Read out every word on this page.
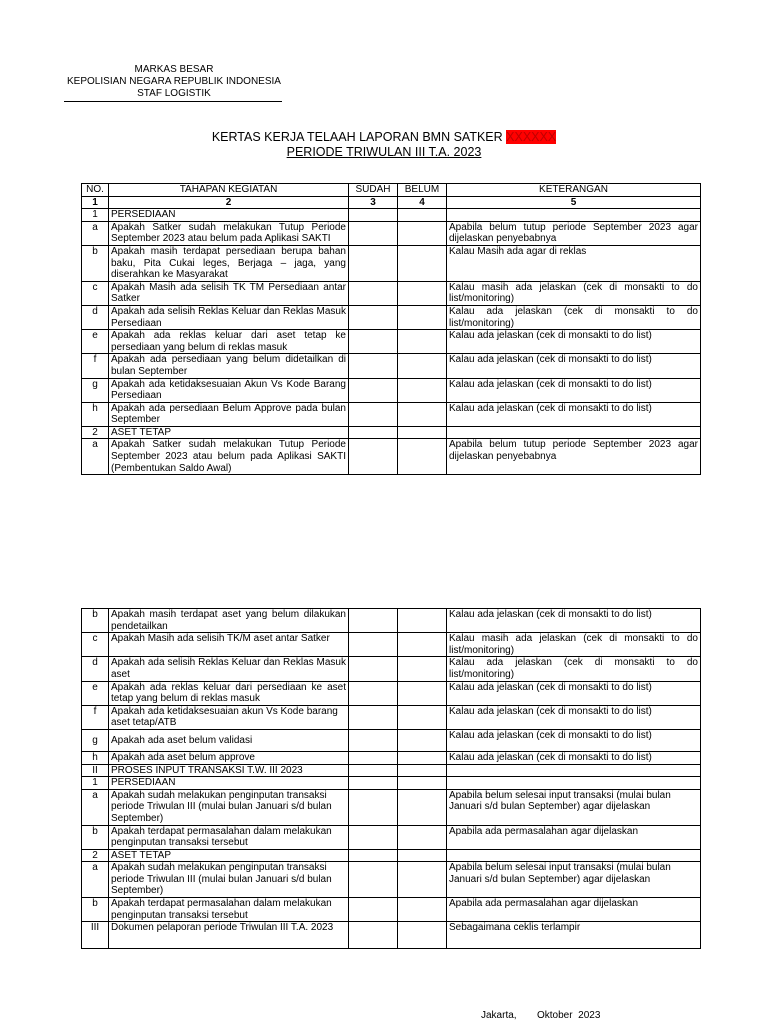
MARKAS BESAR
KEPOLISIAN NEGARA REPUBLIK INDONESIA
STAF LOGISTIK
KERTAS KERJA TELAAH LAPORAN BMN SATKER XXXXXX
PERIODE TRIWULAN III T.A. 2023
NO.	TAHAPAN KEGIATAN	SUDAH	BELUM	KETERANGAN
1	2	3	4	5
1	PERSEDIAAN			
a	Apakah Satker sudah melakukan Tutup Periode September 2023 atau belum pada Aplikasi SAKTI			Apabila belum tutup periode September 2023 agar dijelaskan penyebabnya
b	Apakah masih terdapat persediaan berupa bahan baku, Pita Cukai leges, Berjaga – jaga, yang diserahkan ke Masyarakat			Kalau Masih ada agar di reklas
c	Apakah Masih ada selisih TK TM Persediaan antar Satker			Kalau masih ada jelaskan (cek di monsakti to do list/monitoring)
d	Apakah ada selisih Reklas Keluar dan Reklas Masuk Persediaan			Kalau ada jelaskan (cek di monsakti to do list/monitoring)
e	Apakah ada reklas keluar dari aset tetap ke persediaan yang belum di reklas masuk			Kalau ada jelaskan (cek di monsakti to do list)
f	Apakah ada persediaan yang belum didetailkan di bulan September			Kalau ada jelaskan (cek di monsakti to do list)
g	Apakah ada ketidaksesuaian Akun Vs Kode Barang Persediaan			Kalau ada jelaskan (cek di monsakti to do list)
h	Apakah ada persediaan Belum Approve pada bulan September			Kalau ada jelaskan (cek di monsakti to do list)
2	ASET TETAP			
a	Apakah Satker sudah melakukan Tutup Periode September 2023 atau belum pada Aplikasi SAKTI (Pembentukan Saldo Awal)			Apabila belum tutup periode September 2023 agar dijelaskan penyebabnya
b	Apakah masih terdapat aset yang belum dilakukan pendetailkan			Kalau ada jelaskan (cek di monsakti to do list)
c	Apakah Masih ada selisih TK/M aset antar Satker			Kalau masih ada jelaskan (cek di monsakti to do list/monitoring)
d	Apakah ada selisih Reklas Keluar dan Reklas Masuk aset			Kalau ada jelaskan (cek di monsakti to do list/monitoring)
e	Apakah ada reklas keluar dari persediaan ke aset tetap yang belum di reklas masuk			Kalau ada jelaskan (cek di monsakti to do list)
f	Apakah ada ketidaksesuaian akun Vs Kode barang aset tetap/ATB			Kalau ada jelaskan (cek di monsakti to do list)
g	Apakah ada aset belum validasi			Kalau ada jelaskan (cek di monsakti to do list)
h	Apakah ada aset belum approve			Kalau ada jelaskan (cek di monsakti to do list)
II	PROSES INPUT TRANSAKSI T.W. III 2023			
1	PERSEDIAAN			
a	Apakah sudah melakukan penginputan transaksi periode Triwulan III (mulai bulan Januari s/d bulan September)			Apabila belum selesai input transaksi (mulai bulan Januari s/d bulan September) agar dijelaskan
b	Apakah terdapat permasalahan dalam melakukan penginputan transaksi tersebut			Apabila ada permasalahan agar dijelaskan
2	ASET TETAP			
a	Apakah sudah melakukan penginputan transaksi periode Triwulan III (mulai bulan Januari s/d bulan September)			Apabila belum selesai input transaksi (mulai bulan Januari s/d bulan September) agar dijelaskan
b	Apakah terdapat permasalahan dalam melakukan penginputan transaksi tersebut			Apabila ada permasalahan agar dijelaskan
III	Dokumen pelaporan periode Triwulan III T.A. 2023			Sebagaimana ceklis terlampir
Jakarta, Oktober  2023
